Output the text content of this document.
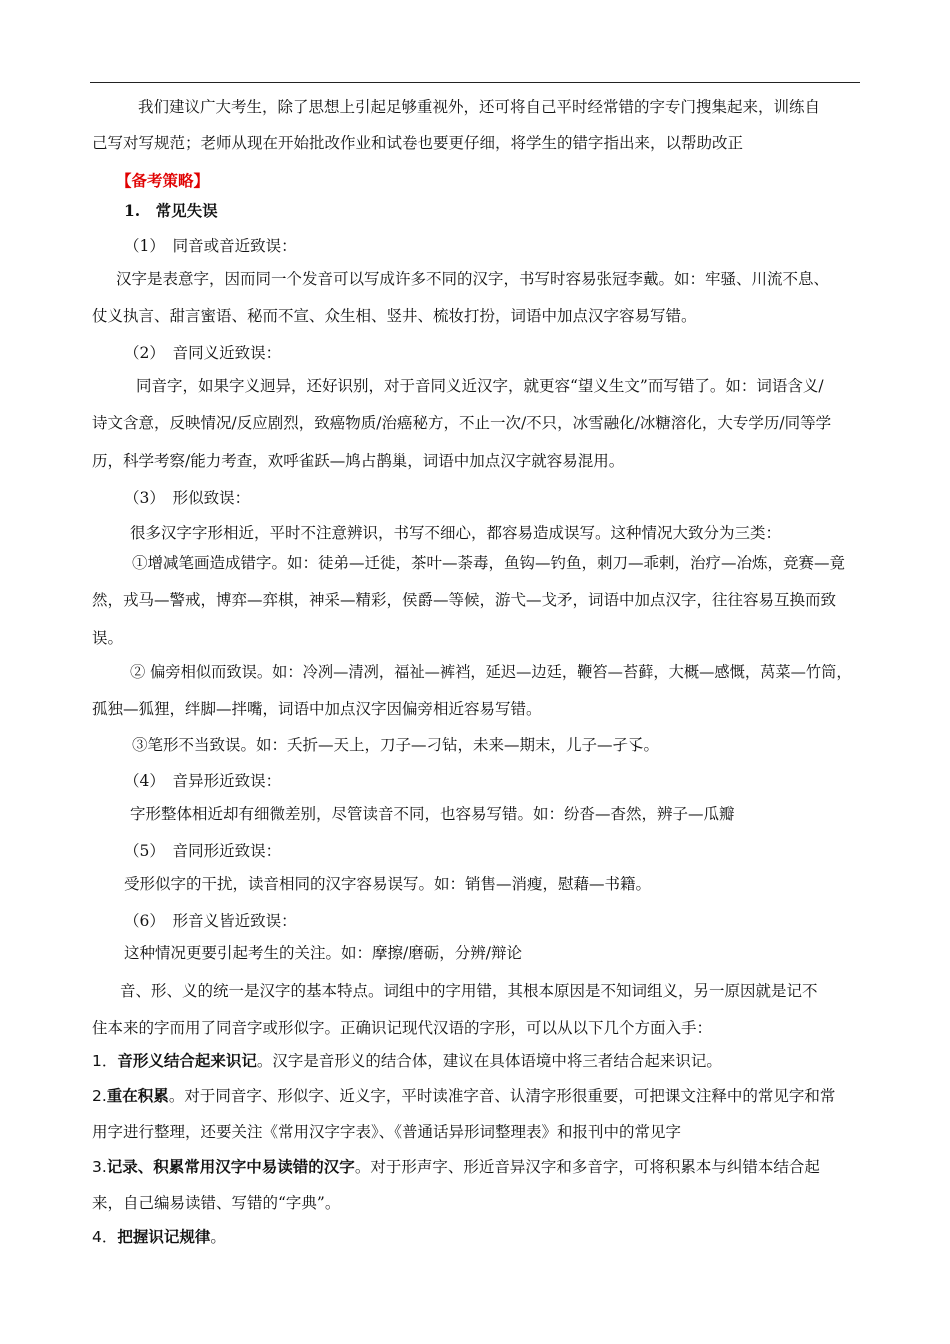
我们建议广大考生，除了思想上引起足够重视外，还可将自己平时经常错的字专门搜集起来，训练自
己写对写规范；老师从现在开始批改作业和试卷也要更仔细，将学生的错字指出来，以帮助改正
【备考策略】
1.　常见失误
（1）　同音或音近致误：
汉字是表意字，因而同一个发音可以写成许多不同的汉字，书写时容易张冠李戴。如：牢骚、川流不息、
仗义执言、甜言蜜语、秘而不宣、众生相、竖井、梳妆打扮，词语中加点汉字容易写错。
（2）　音同义近致误：
同音字，如果字义迥异，还好识别，对于音同义近汉字，就更容“望义生文”而写错了。如：词语含义/
诗文含意，反映情况/反应剧烈，致癌物质/治癌秘方，不止一次/不只，冰雪融化/冰糖溶化，大专学历/同等学
历，科学考察/能力考查，欢呼雀跃—鸠占鹊巢，词语中加点汉字就容易混用。
（3）　形似致误：
很多汉字字形相近，平时不注意辨识，书写不细心，都容易造成误写。这种情况大致分为三类：
①增减笔画造成错字。如：徒弟—迁徙，茶叶—荼毒，鱼钩—钓鱼，刺刀—乖剌，治疗—冶炼，竞赛—竟
然，戎马—警戒，博弈—弈棋，神采—精彩，侯爵—等候，游弋—戈矛，词语中加点汉字，往往容易互换而致
误。
② 偏旁相似而致误。如：冷冽—清冽，福祉—裤裆，延迟—边廷，鞭笞—苔藓，大概—感慨，莴菜—竹筒，
孤独—狐狸，绊脚—拌嘴，词语中加点汉字因偏旁相近容易写错。
③笔形不当致误。如：夭折—天上，刀子—刁钻，未来—期末，儿子—孑孓。
（4）　音异形近致误：
字形整体相近却有细微差别，尽管读音不同，也容易写错。如：纷沓—杳然，辨子—瓜瓣
（5）　音同形近致误：
受形似字的干扰，读音相同的汉字容易误写。如：销售—消瘦，慰藉—书籍。
（6）　形音义皆近致误：
这种情况更要引起考生的关注。如：摩擦/磨砺，分辨/辩论
音、形、义的统一是汉字的基本特点。词组中的字用错，其根本原因是不知词组义，另一原因就是记不
住本来的字而用了同音字或形似字。正确识记现代汉语的字形，可以从以下几个方面入手：
1．音形义结合起来识记。汉字是音形义的结合体，建议在具体语境中将三者结合起来识记。
2.重在积累。对于同音字、形似字、近义字，平时读准字音、认清字形很重要，可把课文注释中的常见字和常
用字进行整理，还要关注《常用汉字字表》、《普通话异形词整理表》和报刊中的常见字
3.记录、积累常用汉字中易读错的汉字。对于形声字、形近音异汉字和多音字，可将积累本与纠错本结合起
来，自己编易读错、写错的“字典”。
4．把握识记规律。
